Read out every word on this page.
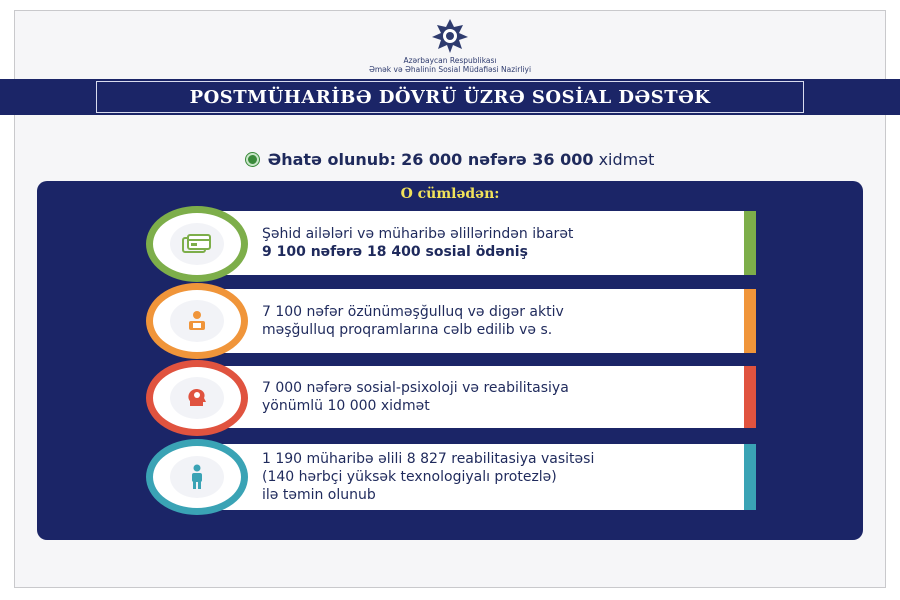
Azərbaycan Respublikası
Əmək və Əhalinin Sosial Müdafiəsi Nazirliyi
POSTMÜHARİBƏ DÖVRÜ ÜZRƏ SOSİAL DƏSTƏK
Əhatə olunub: 26 000 nəfərə 36 000 xidmət
O cümlədən:
Şəhid ailələri və müharibə əlillərindən ibarət
9 100 nəfərə 18 400 sosial ödəniş
7 100 nəfər özünüməşğulluq və digər aktiv
məşğulluq proqramlarına cəlb edilib və s.
7 000 nəfərə sosial-psixoloji və reabilitasiya
yönümlü 10 000 xidmət
1 190 müharibə əlili 8 827 reabilitasiya vasitəsi
(140 hərbçi yüksək texnologiyalı protezlə)
ilə təmin olunub
